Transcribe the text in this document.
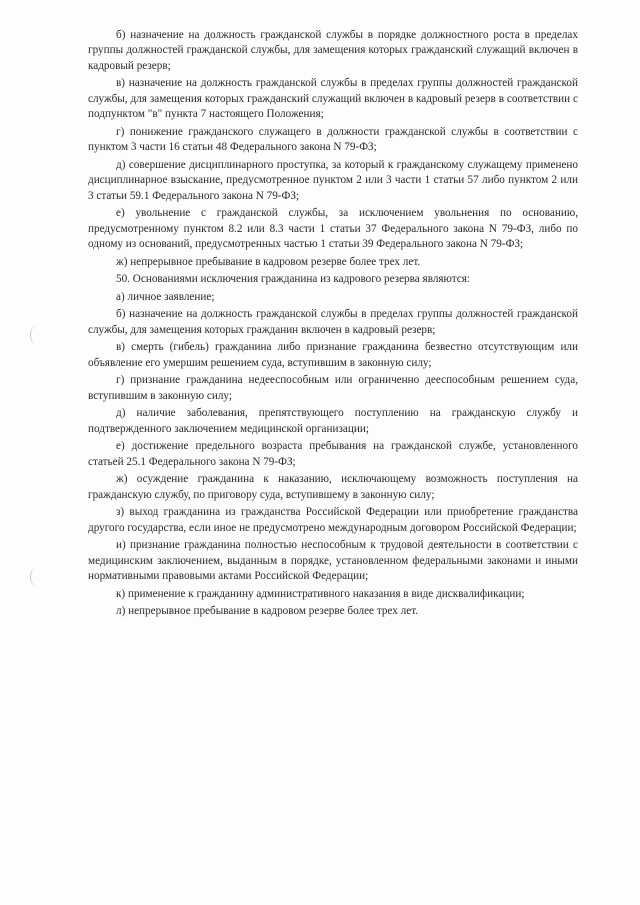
б) назначение на должность гражданской службы в порядке должностного роста в пределах группы должностей гражданской службы, для замещения которых гражданский служащий включен в кадровый резерв;

в) назначение на должность гражданской службы в пределах группы должностей гражданской службы, для замещения которых гражданский служащий включен в кадровый резерв в соответствии с подпунктом "в" пункта 7 настоящего Положения;

г) понижение гражданского служащего в должности гражданской службы в соответствии с пунктом 3 части 16 статьи 48 Федерального закона N 79-ФЗ;

д) совершение дисциплинарного проступка, за который к гражданскому служащему применено дисциплинарное взыскание, предусмотренное пунктом 2 или 3 части 1 статьи 57 либо пунктом 2 или 3 статьи 59.1 Федерального закона N 79-ФЗ;

е) увольнение с гражданской службы, за исключением увольнения по основанию, предусмотренному пунктом 8.2 или 8.3 части 1 статьи 37 Федерального закона N 79-ФЗ, либо по одному из оснований, предусмотренных частью 1 статьи 39 Федерального закона N 79-ФЗ;

ж) непрерывное пребывание в кадровом резерве более трех лет.

50. Основаниями исключения гражданина из кадрового резерва являются:

а) личное заявление;

б) назначение на должность гражданской службы в пределах группы должностей гражданской службы, для замещения которых гражданин включен в кадровый резерв;

в) смерть (гибель) гражданина либо признание гражданина безвестно отсутствующим или объявление его умершим решением суда, вступившим в законную силу;

г) признание гражданина недееспособным или ограниченно дееспособным решением суда, вступившим в законную силу;

д) наличие заболевания, препятствующего поступлению на гражданскую службу и подтвержденного заключением медицинской организации;

е) достижение предельного возраста пребывания на гражданской службе, установленного статьей 25.1 Федерального закона N 79-ФЗ;

ж) осуждение гражданина к наказанию, исключающему возможность поступления на гражданскую службу, по приговору суда, вступившему в законную силу;

з) выход гражданина из гражданства Российской Федерации или приобретение гражданства другого государства, если иное не предусмотрено международным договором Российской Федерации;

и) признание гражданина полностью неспособным к трудовой деятельности в соответствии с медицинским заключением, выданным в порядке, установленном федеральными законами и иными нормативными правовыми актами Российской Федерации;

к) применение к гражданину административного наказания в виде дисквалификации;

л) непрерывное пребывание в кадровом резерве более трех лет.
